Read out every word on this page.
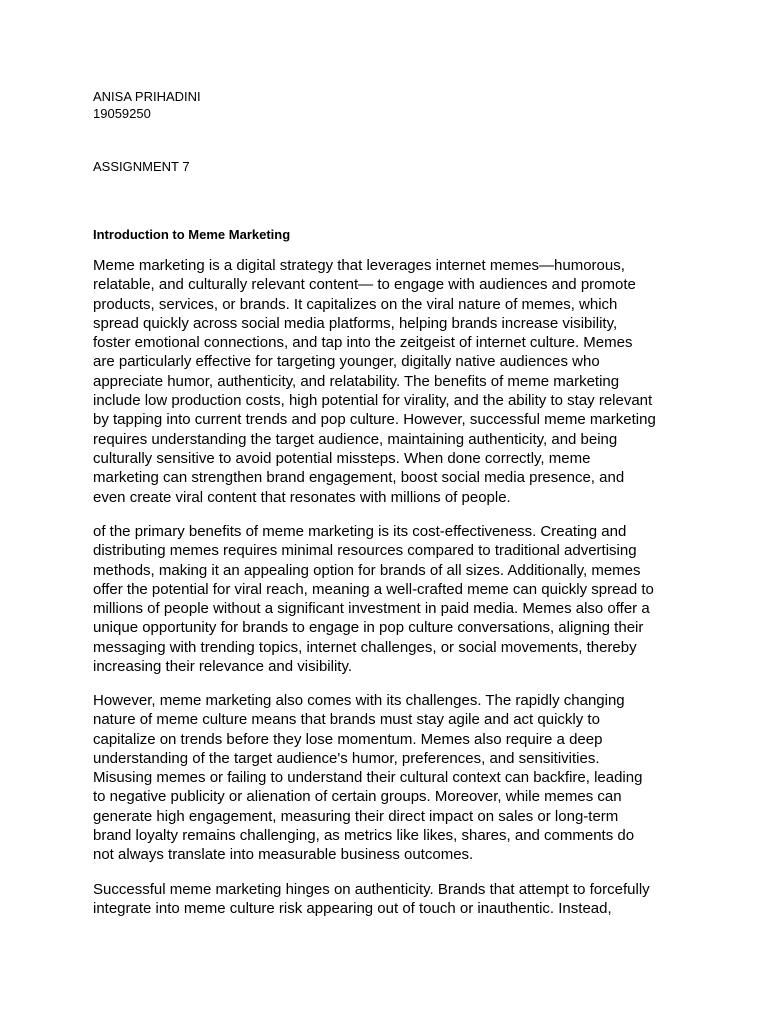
ANISA PRIHADINI
19059250
ASSIGNMENT 7
Introduction to Meme Marketing
Meme marketing is a digital strategy that leverages internet memes—humorous,
relatable, and culturally relevant content— to engage with audiences and promote
products, services, or brands. It capitalizes on the viral nature of memes, which
spread quickly across social media platforms, helping brands increase visibility,
foster emotional connections, and tap into the zeitgeist of internet culture. Memes
are particularly effective for targeting younger, digitally native audiences who
appreciate humor, authenticity, and relatability. The benefits of meme marketing
include low production costs, high potential for virality, and the ability to stay relevant
by tapping into current trends and pop culture. However, successful meme marketing
requires understanding the target audience, maintaining authenticity, and being
culturally sensitive to avoid potential missteps. When done correctly, meme
marketing can strengthen brand engagement, boost social media presence, and
even create viral content that resonates with millions of people.
of the primary benefits of meme marketing is its cost-effectiveness. Creating and
distributing memes requires minimal resources compared to traditional advertising
methods, making it an appealing option for brands of all sizes. Additionally, memes
offer the potential for viral reach, meaning a well-crafted meme can quickly spread to
millions of people without a significant investment in paid media. Memes also offer a
unique opportunity for brands to engage in pop culture conversations, aligning their
messaging with trending topics, internet challenges, or social movements, thereby
increasing their relevance and visibility.
However, meme marketing also comes with its challenges. The rapidly changing
nature of meme culture means that brands must stay agile and act quickly to
capitalize on trends before they lose momentum. Memes also require a deep
understanding of the target audience's humor, preferences, and sensitivities.
Misusing memes or failing to understand their cultural context can backfire, leading
to negative publicity or alienation of certain groups. Moreover, while memes can
generate high engagement, measuring their direct impact on sales or long-term
brand loyalty remains challenging, as metrics like likes, shares, and comments do
not always translate into measurable business outcomes.
Successful meme marketing hinges on authenticity. Brands that attempt to forcefully
integrate into meme culture risk appearing out of touch or inauthentic. Instead,
